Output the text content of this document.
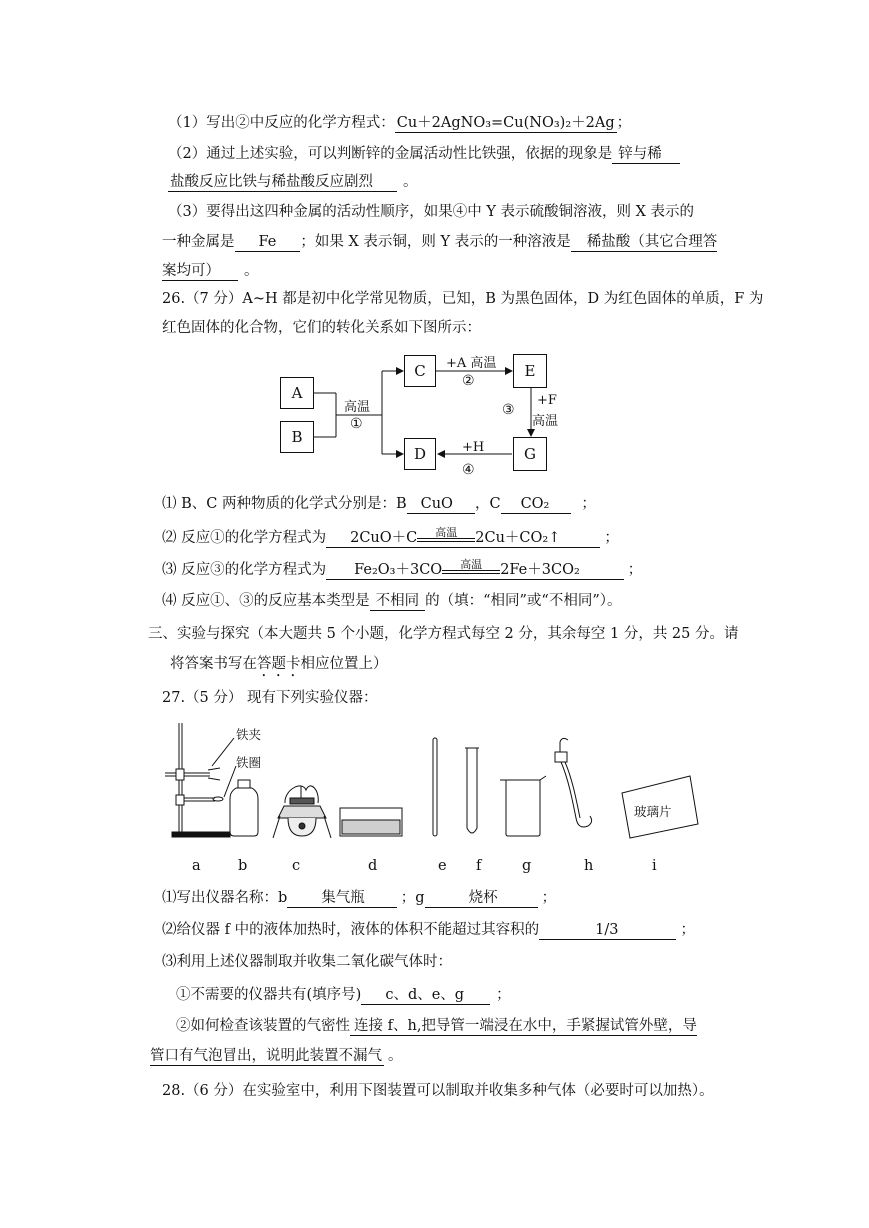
（1）写出②中反应的化学方程式： Cu＋2AgNO₃=Cu(NO₃)₂＋2Ag ；
（2）通过上述实验，可以判断锌的金属活动性比铁强，依据的现象是 锌与稀
盐酸反应比铁与稀盐酸反应剧烈 。
（3）要得出这四种金属的活动性顺序，如果④中 Y 表示硫酸铜溶液，则 X 表示的
一种金属是 Fe ；如果 X 表示铜，则 Y 表示的一种溶液是 稀盐酸（其它合理答
案均可） 。
26.（7 分）A~H 都是初中化学常见物质，已知，B 为黑色固体，D 为红色固体的单质，F 为
红色固体的化合物，它们的转化关系如下图所示：
A
B
C
D
E
G
高温
①
+A 高温
②
③
+F
高温
+H
④
⑴ B、C 两种物质的化学式分别是：B CuO ，C CO₂ ；
⑵ 反应①的化学方程式为 2CuO＋C	高温	2Cu＋CO₂↑	；
⑶ 反应③的化学方程式为 Fe₂O₃＋3CO	高温	2Fe＋3CO₂	；
⑷ 反应①、③的反应基本类型是 不相同 的（填：“相同”或“不相同”）。
三、实验与探究（本大题共 5 个小题，化学方程式每空 2 分，其余每空 1 分，共 25 分。请
将答案书写在答题卡相应位置上）
27.（5 分） 现有下列实验仪器：
铁夹
铁圈
玻璃片
a	b	c	d	e f	g	h	i
⑴写出仪器名称：b 集气瓶 ；g	烧杯	；
⑵给仪器 f 中的液体加热时，液体的体积不能超过其容积的	1/3	；
⑶利用上述仪器制取并收集二氧化碳气体时：
①不需要的仪器共有(填序号) c、d、e、g ；
②如何检查该装置的气密性 连接 f、h,把导管一端浸在水中，手紧握试管外壁，导
管口有气泡冒出，说明此装置不漏气 。
28.（6 分）在实验室中，利用下图装置可以制取并收集多种气体（必要时可以加热）。
